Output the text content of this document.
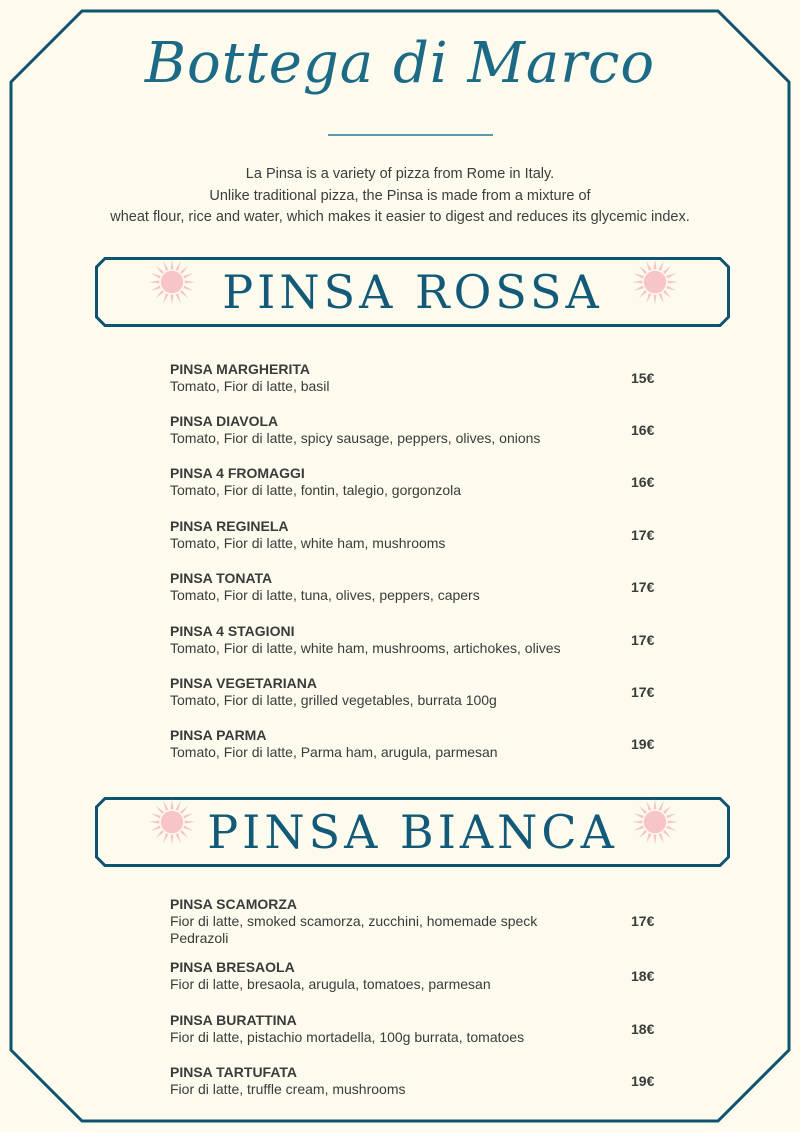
Bottega di Marco
La Pinsa is a variety of pizza from Rome in Italy.
Unlike traditional pizza, the Pinsa is made from a mixture of
wheat flour, rice and water, which makes it easier to digest and reduces its glycemic index.
PINSA ROSSA
PINSA MARGHERITA
Tomato, Fior di latte, basil	15€
PINSA DIAVOLA
Tomato, Fior di latte, spicy sausage, peppers, olives, onions	16€
PINSA 4 FROMAGGI
Tomato, Fior di latte, fontin, talegio, gorgonzola	16€
PINSA REGINELA
Tomato, Fior di latte, white ham, mushrooms	17€
PINSA TONATA
Tomato, Fior di latte, tuna, olives, peppers, capers	17€
PINSA 4 STAGIONI
Tomato, Fior di latte, white ham, mushrooms, artichokes, olives	17€
PINSA VEGETARIANA
Tomato, Fior di latte, grilled vegetables, burrata 100g	17€
PINSA PARMA
Tomato, Fior di latte, Parma ham, arugula, parmesan	19€
PINSA BIANCA
PINSA SCAMORZA
Fior di latte, smoked scamorza, zucchini, homemade speck Pedrazoli
17€
PINSA BRESAOLA
Fior di latte, bresaola, arugula, tomatoes, parmesan	18€
PINSA BURATTINA
Fior di latte, pistachio mortadella, 100g burrata, tomatoes	18€
PINSA TARTUFATA
Fior di latte, truffle cream, mushrooms	19€
